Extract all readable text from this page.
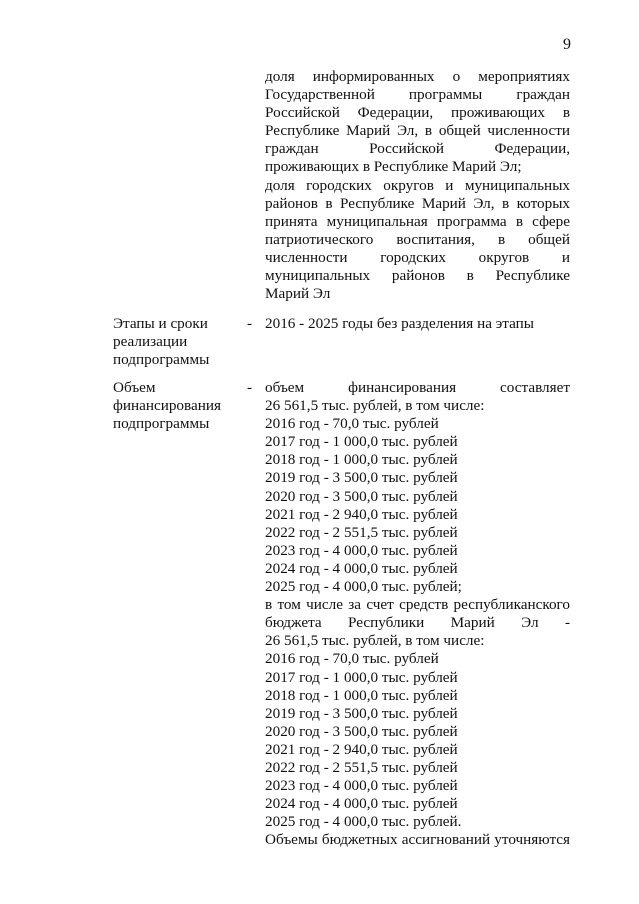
9
доля информированных о мероприятиях
Государственной программы граждан
Российской Федерации, проживающих в
Республике Марий Эл, в общей численности
граждан Российской Федерации,
проживающих в Республике Марий Эл;
доля городских округов и муниципальных
районов в Республике Марий Эл, в которых
принята муниципальная программа в сфере
патриотического воспитания, в общей
численности городских округов и
муниципальных районов в Республике
Марий Эл
Этапы и сроки
реализации
подпрограммы
- 2016 - 2025 годы без разделения на этапы
Объем
финансирования
подпрограммы
- объем финансирования составляет
26 561,5 тыс. рублей, в том числе:
2016 год - 70,0 тыс. рублей
2017 год - 1 000,0 тыс. рублей
2018 год - 1 000,0 тыс. рублей
2019 год - 3 500,0 тыс. рублей
2020 год - 3 500,0 тыс. рублей
2021 год - 2 940,0 тыс. рублей
2022 год - 2 551,5 тыс. рублей
2023 год - 4 000,0 тыс. рублей
2024 год - 4 000,0 тыс. рублей
2025 год - 4 000,0 тыс. рублей;
в том числе за счет средств республиканского
бюджета Республики Марий Эл -
26 561,5 тыс. рублей, в том числе:
2016 год - 70,0 тыс. рублей
2017 год - 1 000,0 тыс. рублей
2018 год - 1 000,0 тыс. рублей
2019 год - 3 500,0 тыс. рублей
2020 год - 3 500,0 тыс. рублей
2021 год - 2 940,0 тыс. рублей
2022 год - 2 551,5 тыс. рублей
2023 год - 4 000,0 тыс. рублей
2024 год - 4 000,0 тыс. рублей
2025 год - 4 000,0 тыс. рублей.
Объемы бюджетных ассигнований уточняются
